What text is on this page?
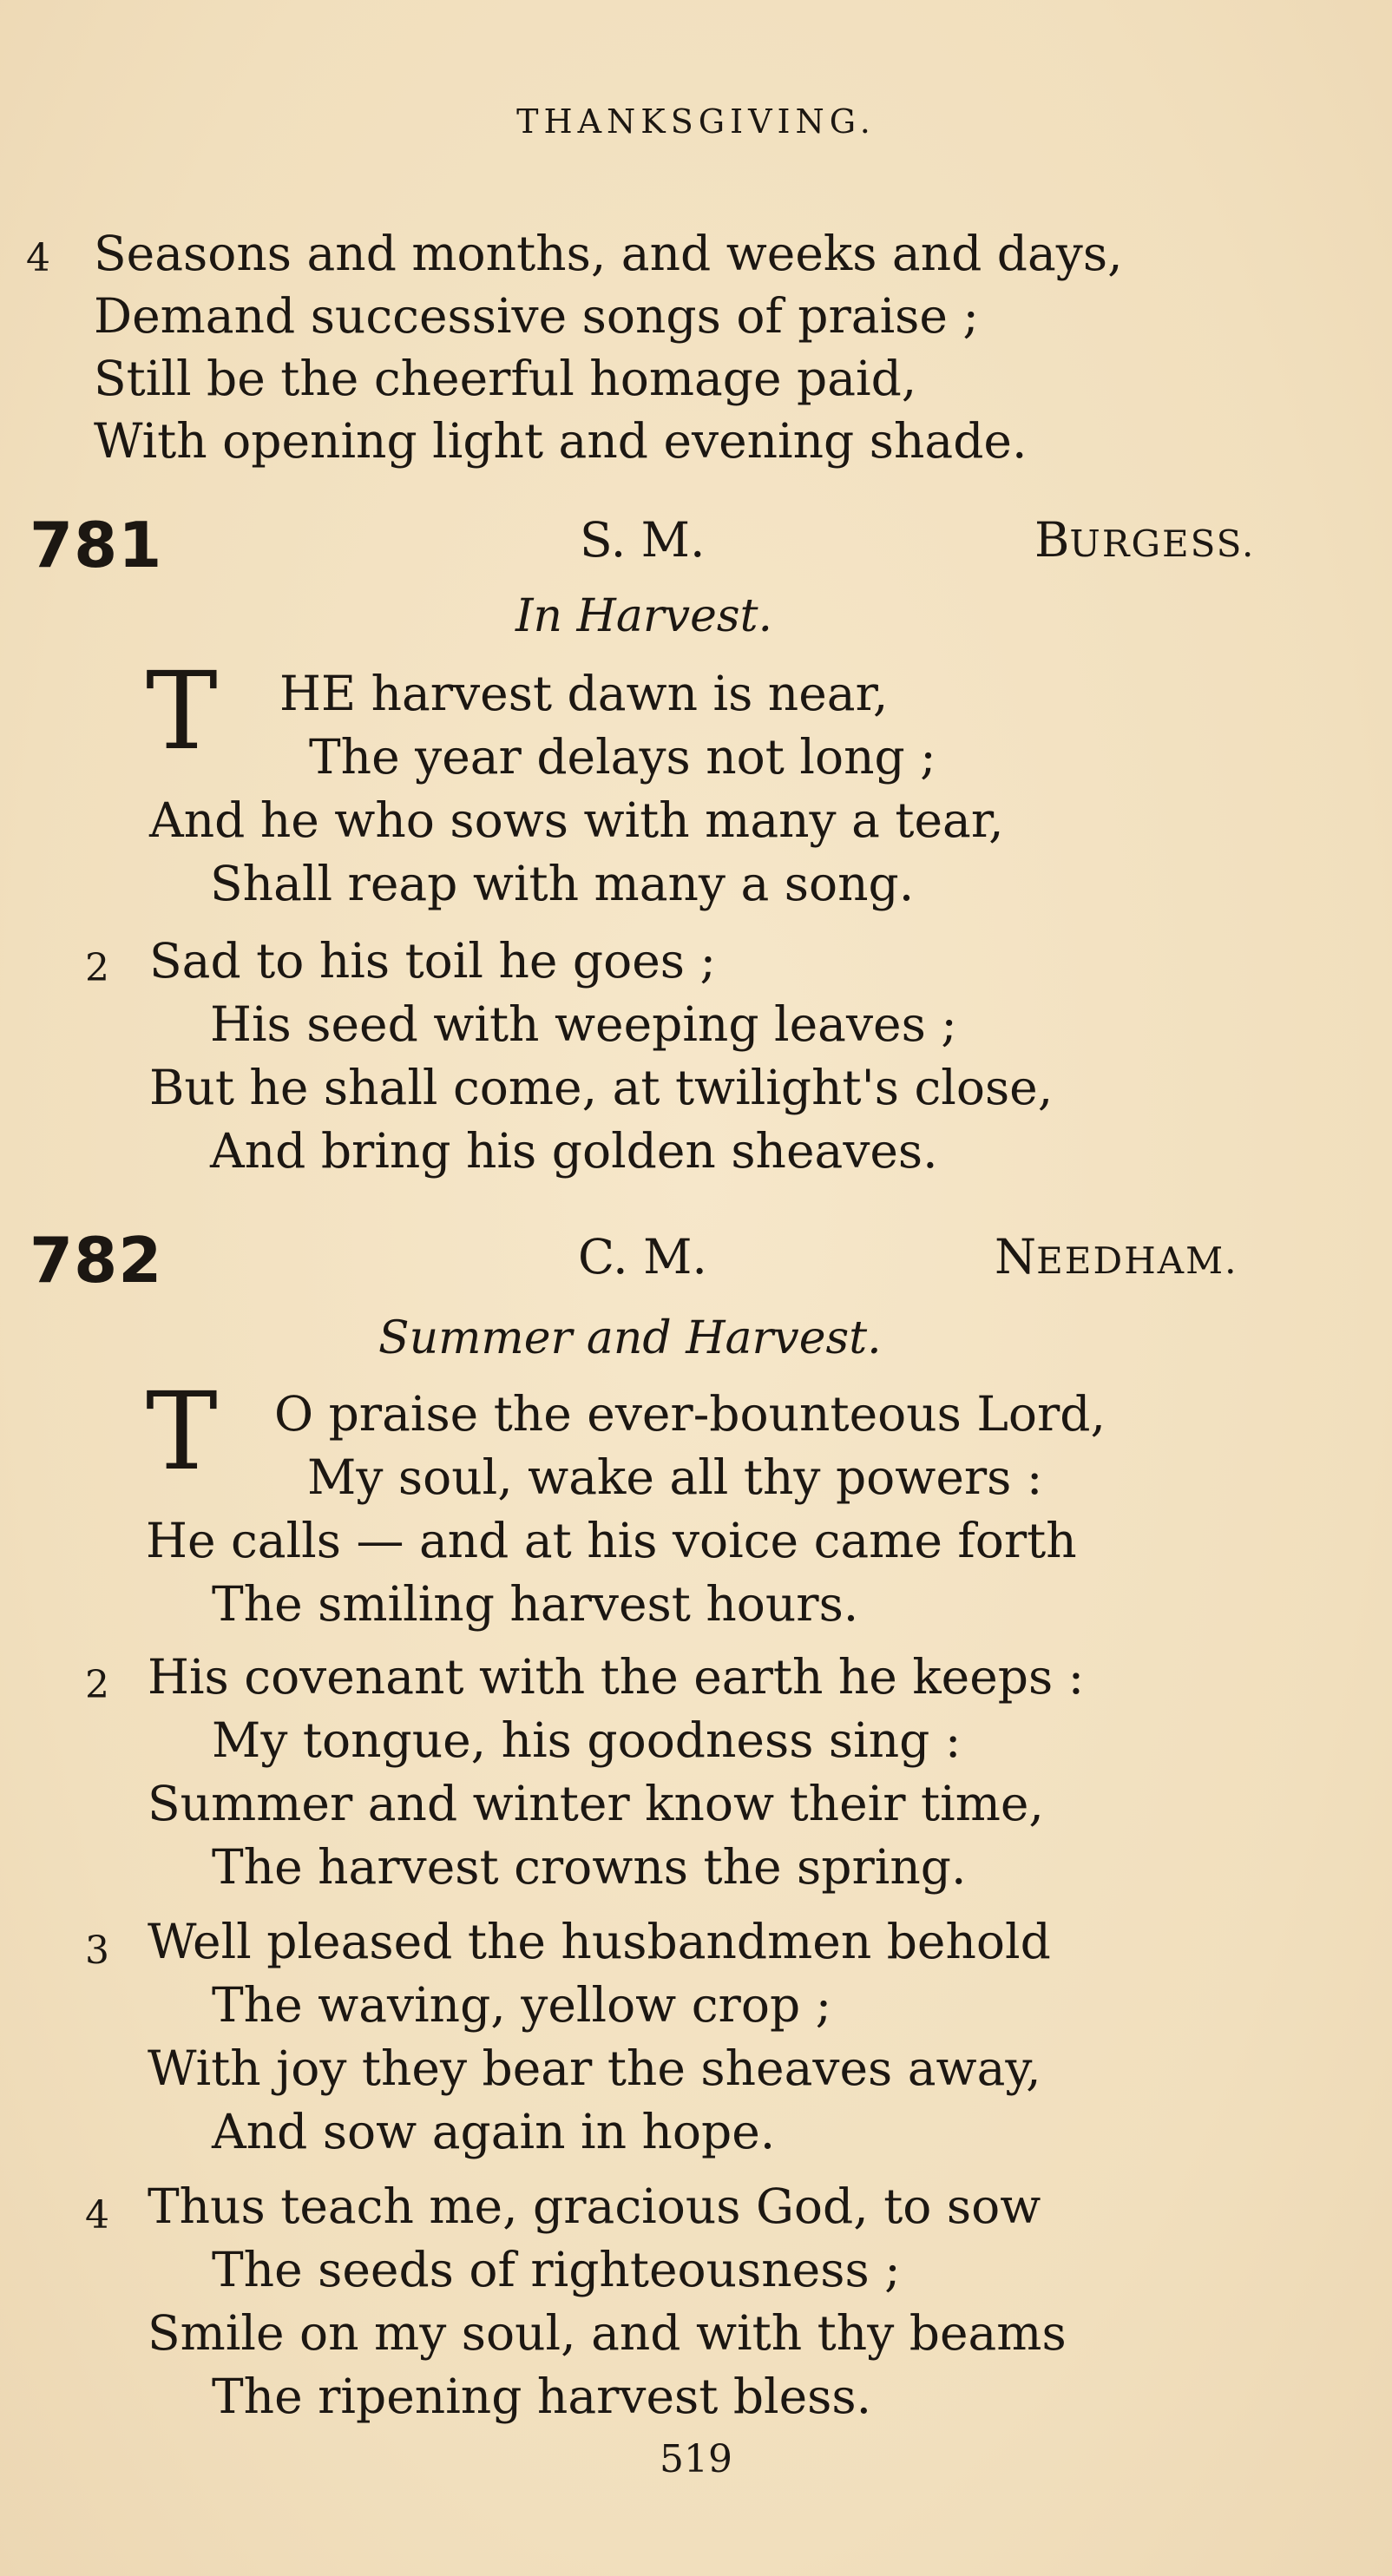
THANKSGIVING.
4 Seasons and months, and weeks and days,
Demand successive songs of praise ;
Still be the cheerful homage paid,
With opening light and evening shade.
781	S. M.	BURGESS.
In Harvest.
T HE harvest dawn is near,
The year delays not long ;
And he who sows with many a tear,
Shall reap with many a song.
2 Sad to his toil he goes ;
His seed with weeping leaves ;
But he shall come, at twilight's close,
And bring his golden sheaves.
782	C. M.	NEEDHAM.
Summer and Harvest.
T O praise the ever-bounteous Lord,
My soul, wake all thy powers :
He calls — and at his voice came forth
The smiling harvest hours.
2 His covenant with the earth he keeps :
My tongue, his goodness sing :
Summer and winter know their time,
The harvest crowns the spring.
3 Well pleased the husbandmen behold
The waving, yellow crop ;
With joy they bear the sheaves away,
And sow again in hope.
4 Thus teach me, gracious God, to sow
The seeds of righteousness ;
Smile on my soul, and with thy beams
The ripening harvest bless.
519
